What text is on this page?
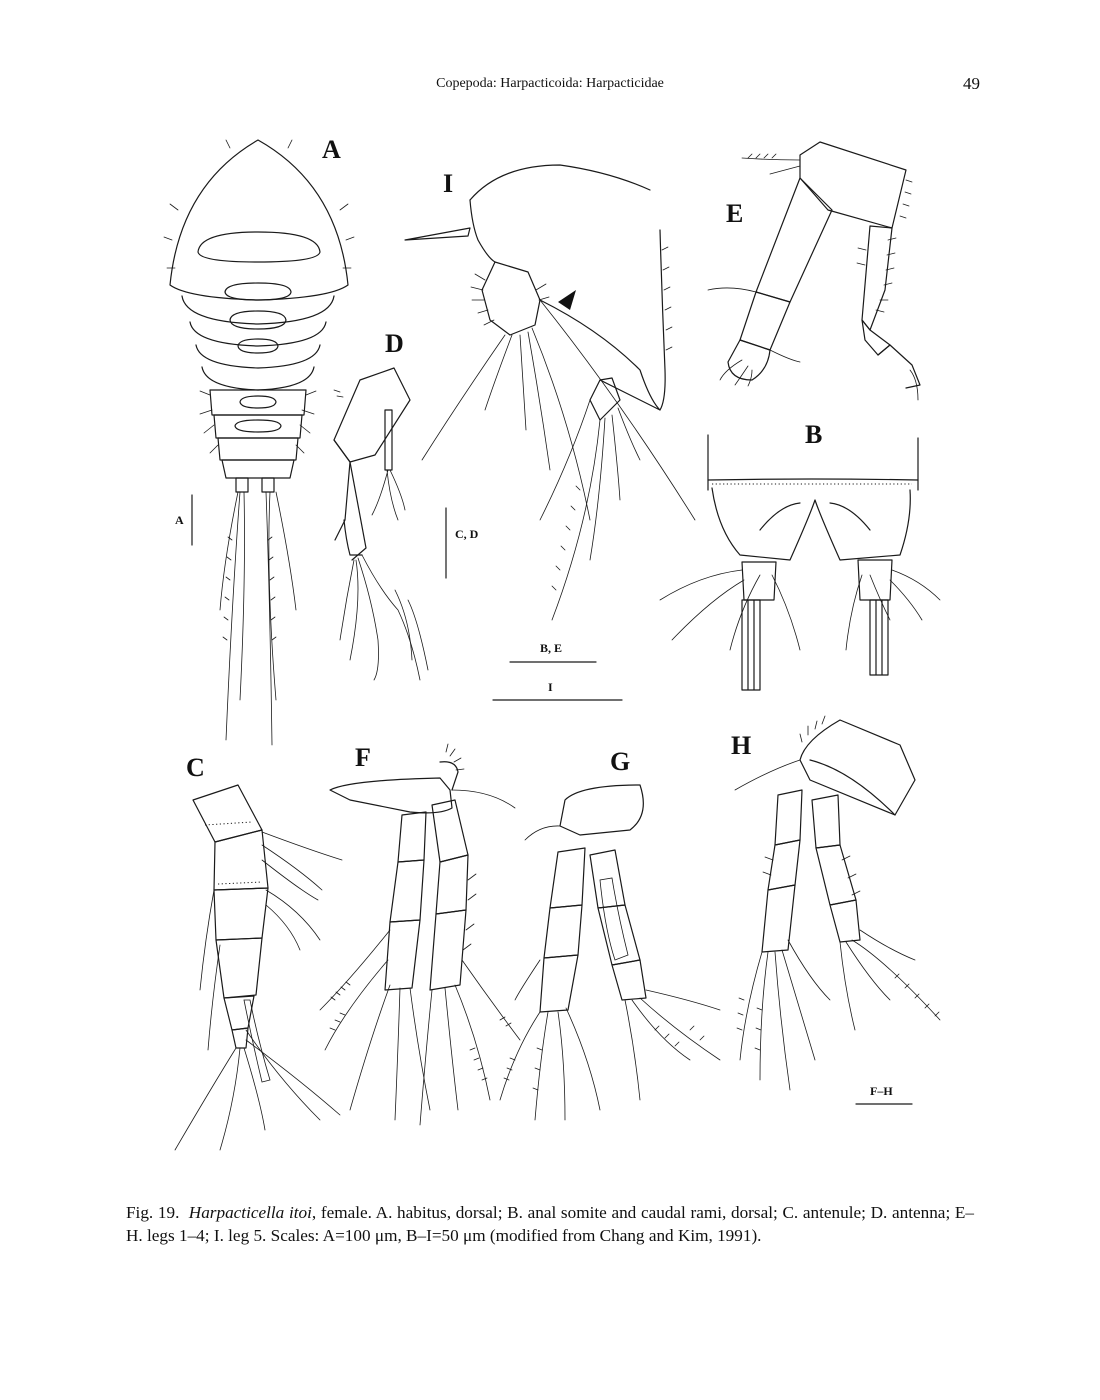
Copepoda: Harpacticoida: Harpacticidae	49
A
A
D
C, D
I
B, E
I
E
B
C	F	G
H
F–H
Fig. 19. Harpacticella itoi, female. A. habitus, dorsal; B. anal somite and caudal rami, dorsal; C. antenule; D. antenna; E–H. legs 1–4; I. leg 5. Scales: A=100 μm, B–I=50 μm (modified from Chang and Kim, 1991).
